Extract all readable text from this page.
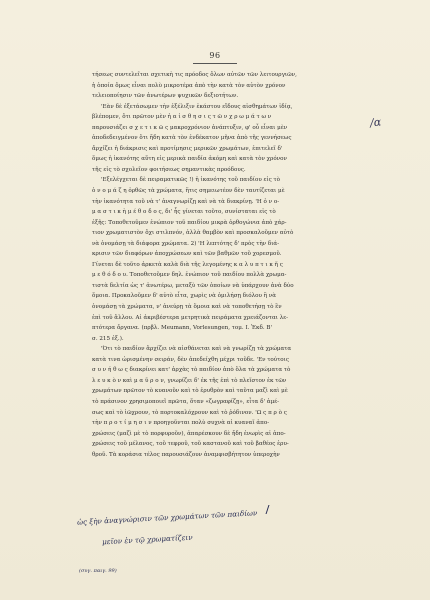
96
τήσεως συντελεῖται σχετικὴ τις πρόοδος ὅλων αὐτῶν τῶν λειτουργιῶν,
ἡ ὁποία ὅμως εἶναι πολὺ μικροτέρα ἀπὸ τὴν κατὰ τὸν αὐτὸν χρόνον
τελειοποίησιν τῶν ἀνωτέρων ψυχικῶν δεξιοτήτων.
'Εὰν δὲ ἐξετάσωμεν τὴν ἐξέλιξιν ἑκάστου εἴδους αἰσθημάτων ἰδίᾳ,
βλέπομεν, ὅτι πρῶτον μὲν ἡ α ἰ σ θ η σ ι ς τ ῶ ν χ ρ ω μ ά τ ω ν
παρουσιάζει σ χ ε τ ι κ ῶ ς μακροχρόνιον ἀνάπτυξιν, φ' οὗ εἶναι μὲν
ἀποδεδειγμένον ὅτι ἤδη κατὰ τὸν ἐνδέκατον μῆνα ἀπὸ τῆς γεννήσεως
ἄρχίζει ἡ διάκρισις καὶ προτίμησις μερικῶν χρωμάτων, ἐπιτελεῖ δ'
ὅμως ἡ ἱκανότης αὕτη εἰς μερικὰ παιδία ἀκόμη καὶ κατὰ τὸν χρόνον
τῆς εἰς τὸ σχολεῖον φοιτήσεως σημαντικὰς προόδους.
'Εξελέγχεται δὲ πειραματικῶς !) ἡ ἱκανότης τοῦ παιδίου εἰς τὸ
ὀ ν ο μ ά ζ η ὀρθῶς τὰ χρώματα, ἥτις σημειωτέον δὲν ταυτίζεται μὲ
τὴν ἱκανότητα τοῦ νὰ τ' ἀναγνωρίζῃ καὶ νὰ τὰ διακρίνῃ. 'Η ὀ ν ο-
μ α σ τ ι κ ὴ μ έ θ ο δ ο ς, δι' ἧς γίνεται τοῦτο, συνίσταται εἰς τὸ
ἑξῆς: Τοποθετοῦμεν ἐνώπιον τοῦ παιδίου μικρὰ ὀρθογώνια ἀπὸ χάρ-
τιον χρωματιστὸν ὄχι στιλπνόν, ἀλλὰ θαμβὸν καὶ προσκαλοῦμεν αὐτὸ
νὰ ὀνομάσῃ τὰ διάφορα χρώματα. 2) 'Η λεπτότης δ' πρὸς τὴν διά-
κρισιν τῶν διαφόρων ἀποχρώσεων καὶ τῶν βαθμῶν τοῦ χορεσμοῦ.
Γίνεται δὲ τοῦτο ἀρκετὰ καλὰ διὰ τῆς λεγομένης κ α λ υ π τ ι κ ῆ ς
μ ε θ ό δ ο υ. Τοποθετοῦμεν δηλ. ἐνώπιον τοῦ παιδίου πολλὰ χρωμα-
τιστὰ δελτία ὡς τ' ἀνωτέρω, μεταξὺ τῶν ὁποίων νὰ ὑπάρχουν ἀνὰ δύο
ὅμοια. Προκαλοῦμεν δ' αὐτὸ εἶτα, χωρὶς νὰ ὁμιλήσῃ διόλου ἢ νὰ
ὀνομάσῃ τὰ χρώματα, ν' ἀνεύρῃ τὰ ὅμοια καὶ νὰ τοποθετήσῃ τὸ ἓν
ἐπὶ τοῦ ἄλλου. Αἱ ἀκριβέστερα μετρητικὰ πειράματα χρειάζονται λε-
πτότερα ὄργανα. (πρβλ. Meumann, Vorlesungen, τομ. Ι. Ἐκδ. Β'
σ. 215 ἑξ.).
'Ότι τὸ παιδίον ἄρχίζει νὰ αἰσθάνεται καὶ νὰ γνωρίζῃ τὰ χρώματα
κατὰ τινα ὡρισμένην σειράν, δὲν ἀπεδείχθη μέχρι τοῦδε. 'Εν τούτοις
σ υ ν ή θ ω ς διακρίνει κατ' ἀρχὰς τὸ παιδίον ἀπὸ ὅλα τὰ χρώματα τὸ
λ ε υ κ ὸ ν καὶ μ α ῦ ρ ο ν, γνωρίζει δ' ἐκ τῆς ἐπὶ τὸ πλεῖστον ἐκ τῶν
χρωμάτων πρῶτον τὸ κυανοῦν καὶ τὸ ἐρυθρὸν καὶ ταῦτα μαζὶ καὶ μὲ
τὸ πράσινον χρησιμοποιεῖ πρῶτα, ὅταν «ζωγραφίζῃ», εἶτα δ' ἀμέ-
σως καὶ τὸ ἰῶχρουν, τὸ πορτοκαλόχρουν καὶ τὸ ῥόδινον. 'Ω ς π ρ ὸ ς
τὴν π ρ ο τ ί μ η σ ι ν προηγοῦνται πολὺ συχνὰ αἱ κυαναῖ ἀπο-
χρώσεις (μαζὶ μὲ τὸ πορφυροῦν), ἀπαρέσκουν δὲ ἤδη ἐνωρὶς αἱ ἀπο-
χρώσεις τοῦ μέλανος, τοῦ τεφροῦ, τοῦ καστανοῦ καὶ τοῦ βαθέος ἐρυ-
θροῦ. Τὰ κοράσια τέλος παρουσιάζουν ἀναμφισβήτητον ὑπεροχὴν
/α
ὡς ξὴν ἀναγνώρισιν τῶν χρωμάτων τῶν παιδίων
μεῖον ἐν τῷ χρωματίζειν
(συγ. παιγ. 99)
